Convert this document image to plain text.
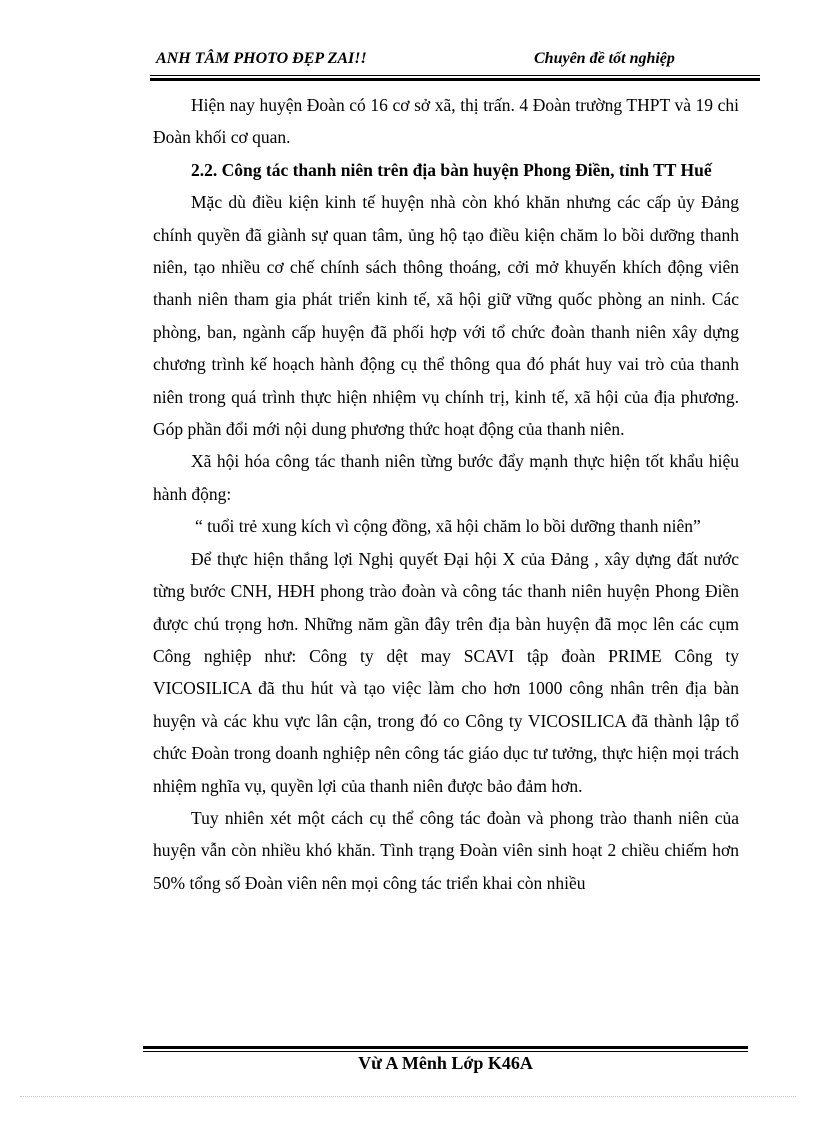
ANH TÂM PHOTO ĐẸP ZAI!!	Chuyên đề tốt nghiệp

Hiện nay huyện Đoàn có 16 cơ sở xã, thị trấn. 4 Đoàn trường THPT và 19 chi Đoàn khối cơ quan.

2.2. Công tác thanh niên trên địa bàn huyện Phong Điền, tỉnh TT Huế

Mặc dù điều kiện kinh tế huyện nhà còn khó khăn nhưng các cấp ủy Đảng chính quyền đã giành sự quan tâm, ủng hộ tạo điều kiện chăm lo bồi dưỡng thanh niên, tạo nhiều cơ chế chính sách thông thoáng, cởi mở khuyến khích động viên thanh niên tham gia phát triển kinh tế, xã hội giữ vững quốc phòng an ninh. Các phòng, ban, ngành cấp huyện đã phối hợp với tổ chức đoàn thanh niên xây dựng chương trình kế hoạch hành động cụ thể thông qua đó phát huy vai trò của thanh niên trong quá trình thực hiện nhiệm vụ chính trị, kinh tế, xã hội của địa phương. Góp phần đổi mới nội dung phương thức hoạt động của thanh niên.

Xã hội hóa công tác thanh niên từng bước đẩy mạnh thực hiện tốt khẩu hiệu hành động:

“ tuổi trẻ xung kích vì cộng đồng, xã hội chăm lo bồi dưỡng thanh niên”

Để thực hiện thắng lợi Nghị quyết Đại hội X của Đảng , xây dựng đất nước từng bước CNH, HĐH phong trào đoàn và công tác thanh niên huyện Phong Điền được chú trọng hơn. Những năm gần đây trên địa bàn huyện đã mọc lên các cụm Công nghiệp như: Công ty dệt may SCAVI tập đoàn PRIME Công ty VICOSILICA đã thu hút và tạo việc làm cho hơn 1000 công nhân trên địa bàn huyện và các khu vực lân cận, trong đó co Công ty VICOSILICA đã thành lập tổ chức Đoàn trong doanh nghiệp nên công tác giáo dục tư tưởng, thực hiện mọi trách nhiệm nghĩa vụ, quyền lợi của thanh niên được bảo đảm hơn.

Tuy nhiên xét một cách cụ thể công tác đoàn và phong trào thanh niên của huyện vẫn còn nhiều khó khăn. Tình trạng Đoàn viên sinh hoạt 2 chiều chiếm hơn 50% tổng số Đoàn viên nên mọi công tác triển khai còn nhiều

Vừ A Mênh Lớp K46A
